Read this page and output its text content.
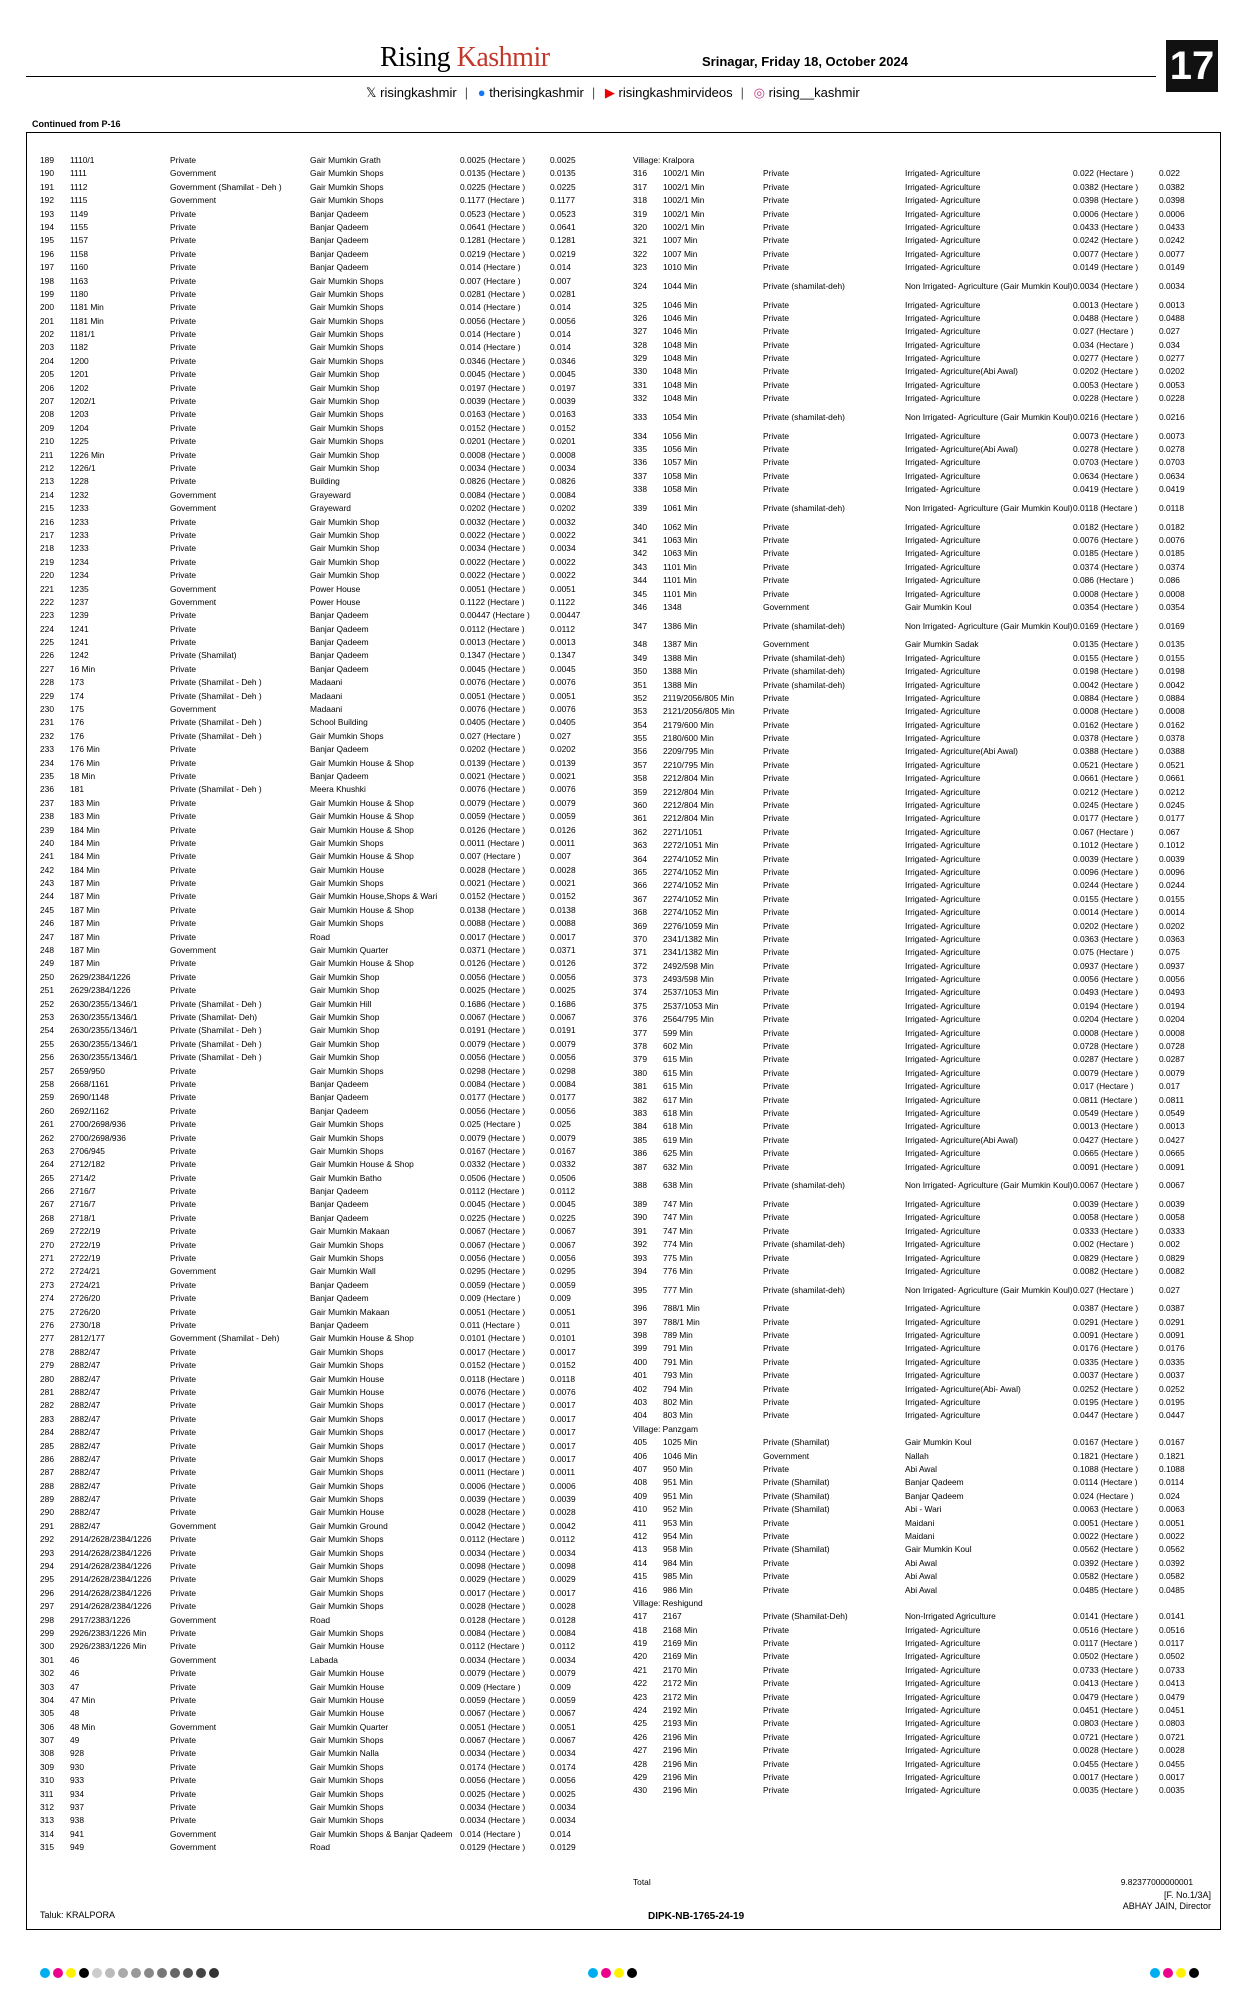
Rising Kashmir	Srinagar, Friday 18, October 2024	17
𝕏 risingkashmir | ● therisingkashmir | ▶ risingkashmirvideos | ◎ rising__kashmir
Continued from P-16
189	1110/1	Private	Gair Mumkin Grath	0.0025 (Hectare )	0.0025
190	1111	Government	Gair Mumkin Shops	0.0135 (Hectare )	0.0135
191	1112	Government (Shamilat - Deh )	Gair Mumkin Shops	0.0225 (Hectare )	0.0225
192	1115	Government	Gair Mumkin Shops	0.1177 (Hectare )	0.1177
193	1149	Private	Banjar Qadeem	0.0523 (Hectare )	0.0523
194	1155	Private	Banjar Qadeem	0.0641 (Hectare )	0.0641
195	1157	Private	Banjar Qadeem	0.1281 (Hectare )	0.1281
196	1158	Private	Banjar Qadeem	0.0219 (Hectare )	0.0219
197	1160	Private	Banjar Qadeem	0.014 (Hectare )	0.014
198	1163	Private	Gair Mumkin Shops	0.007 (Hectare )	0.007
199	1180	Private	Gair Mumkin Shops	0.0281 (Hectare )	0.0281
200	1181 Min	Private	Gair Mumkin Shops	0.014 (Hectare )	0.014
201	1181 Min	Private	Gair Mumkin Shops	0.0056 (Hectare )	0.0056
202	1181/1	Private	Gair Mumkin Shops	0.014 (Hectare )	0.014
203	1182	Private	Gair Mumkin Shops	0.014 (Hectare )	0.014
204	1200	Private	Gair Mumkin Shops	0.0346 (Hectare )	0.0346
205	1201	Private	Gair Mumkin Shop	0.0045 (Hectare )	0.0045
206	1202	Private	Gair Mumkin Shop	0.0197 (Hectare )	0.0197
207	1202/1	Private	Gair Mumkin Shop	0.0039 (Hectare )	0.0039
208	1203	Private	Gair Mumkin Shops	0.0163 (Hectare )	0.0163
209	1204	Private	Gair Mumkin Shops	0.0152 (Hectare )	0.0152
210	1225	Private	Gair Mumkin Shops	0.0201 (Hectare )	0.0201
211	1226 Min	Private	Gair Mumkin Shop	0.0008 (Hectare )	0.0008
212	1226/1	Private	Gair Mumkin Shop	0.0034 (Hectare )	0.0034
213	1228	Private	Building	0.0826 (Hectare )	0.0826
214	1232	Government	Grayeward	0.0084 (Hectare )	0.0084
215	1233	Government	Grayeward	0.0202 (Hectare )	0.0202
216	1233	Private	Gair Mumkin Shop	0.0032 (Hectare )	0.0032
217	1233	Private	Gair Mumkin Shop	0.0022 (Hectare )	0.0022
218	1233	Private	Gair Mumkin Shop	0.0034 (Hectare )	0.0034
219	1234	Private	Gair Mumkin Shop	0.0022 (Hectare )	0.0022
220	1234	Private	Gair Mumkin Shop	0.0022 (Hectare )	0.0022
221	1235	Government	Power House	0.0051 (Hectare )	0.0051
222	1237	Government	Power House	0.1122 (Hectare )	0.1122
223	1239	Private	Banjar Qadeem	0.00447 (Hectare )	0.00447
224	1241	Private	Banjar Qadeem	0.0112 (Hectare )	0.0112
225	1241	Private	Banjar Qadeem	0.0013 (Hectare )	0.0013
226	1242	Private (Shamilat)	Banjar Qadeem	0.1347 (Hectare )	0.1347
227	16 Min	Private	Banjar Qadeem	0.0045 (Hectare )	0.0045
228	173	Private (Shamilat - Deh )	Madaani	0.0076 (Hectare )	0.0076
229	174	Private (Shamilat - Deh )	Madaani	0.0051 (Hectare )	0.0051
230	175	Government	Madaani	0.0076 (Hectare )	0.0076
231	176	Private (Shamilat - Deh )	School Building	0.0405 (Hectare )	0.0405
232	176	Private (Shamilat - Deh )	Gair Mumkin Shops	0.027 (Hectare )	0.027
233	176 Min	Private	Banjar Qadeem	0.0202 (Hectare )	0.0202
234	176 Min	Private	Gair Mumkin House & Shop	0.0139 (Hectare )	0.0139
235	18 Min	Private	Banjar Qadeem	0.0021 (Hectare )	0.0021
236	181	Private (Shamilat - Deh )	Meera Khushki	0.0076 (Hectare )	0.0076
237	183 Min	Private	Gair Mumkin House & Shop	0.0079 (Hectare )	0.0079
238	183 Min	Private	Gair Mumkin House & Shop	0.0059 (Hectare )	0.0059
239	184 Min	Private	Gair Mumkin House & Shop	0.0126 (Hectare )	0.0126
240	184 Min	Private	Gair Mumkin Shops	0.0011 (Hectare )	0.0011
241	184 Min	Private	Gair Mumkin House & Shop	0.007 (Hectare )	0.007
242	184 Min	Private	Gair Mumkin House	0.0028 (Hectare )	0.0028
243	187 Min	Private	Gair Mumkin Shops	0.0021 (Hectare )	0.0021
244	187 Min	Private	Gair Mumkin House,Shops & Wari	0.0152 (Hectare )	0.0152
245	187 Min	Private	Gair Mumkin House & Shop	0.0138 (Hectare )	0.0138
246	187 Min	Private	Gair Mumkin Shops	0.0088 (Hectare )	0.0088
247	187 Min	Private	Road	0.0017 (Hectare )	0.0017
248	187 Min	Government	Gair Mumkin Quarter	0.0371 (Hectare )	0.0371
249	187 Min	Private	Gair Mumkin House & Shop	0.0126 (Hectare )	0.0126
250	2629/2384/1226	Private	Gair Mumkin Shop	0.0056 (Hectare )	0.0056
251	2629/2384/1226	Private	Gair Mumkin Shop	0.0025 (Hectare )	0.0025
252	2630/2355/1346/1	Private (Shamilat - Deh )	Gair Mumkin Hill	0.1686 (Hectare )	0.1686
253	2630/2355/1346/1	Private (Shamilat- Deh)	Gair Mumkin Shop	0.0067 (Hectare )	0.0067
254	2630/2355/1346/1	Private (Shamilat - Deh )	Gair Mumkin Shop	0.0191 (Hectare )	0.0191
255	2630/2355/1346/1	Private (Shamilat - Deh )	Gair Mumkin Shop	0.0079 (Hectare )	0.0079
256	2630/2355/1346/1	Private (Shamilat - Deh )	Gair Mumkin Shop	0.0056 (Hectare )	0.0056
257	2659/950	Private	Gair Mumkin Shops	0.0298 (Hectare )	0.0298
258	2668/1161	Private	Banjar Qadeem	0.0084 (Hectare )	0.0084
259	2690/1148	Private	Banjar Qadeem	0.0177 (Hectare )	0.0177
260	2692/1162	Private	Banjar Qadeem	0.0056 (Hectare )	0.0056
261	2700/2698/936	Private	Gair Mumkin Shops	0.025 (Hectare )	0.025
262	2700/2698/936	Private	Gair Mumkin Shops	0.0079 (Hectare )	0.0079
263	2706/945	Private	Gair Mumkin Shops	0.0167 (Hectare )	0.0167
264	2712/182	Private	Gair Mumkin House & Shop	0.0332 (Hectare )	0.0332
265	2714/2	Private	Gair Mumkin Batho	0.0506 (Hectare )	0.0506
266	2716/7	Private	Banjar Qadeem	0.0112 (Hectare )	0.0112
267	2716/7	Private	Banjar Qadeem	0.0045 (Hectare )	0.0045
268	2718/1	Private	Banjar Qadeem	0.0225 (Hectare )	0.0225
269	2722/19	Private	Gair Mumkin Makaan	0.0067 (Hectare )	0.0067
270	2722/19	Private	Gair Mumkin Shops	0.0067 (Hectare )	0.0067
271	2722/19	Private	Gair Mumkin Shops	0.0056 (Hectare )	0.0056
272	2724/21	Government	Gair Mumkin Wall	0.0295 (Hectare )	0.0295
273	2724/21	Private	Banjar Qadeem	0.0059 (Hectare )	0.0059
274	2726/20	Private	Banjar Qadeem	0.009 (Hectare )	0.009
275	2726/20	Private	Gair Mumkin Makaan	0.0051 (Hectare )	0.0051
276	2730/18	Private	Banjar Qadeem	0.011 (Hectare )	0.011
277	2812/177	Government (Shamilat - Deh)	Gair Mumkin House & Shop	0.0101 (Hectare )	0.0101
278	2882/47	Private	Gair Mumkin Shops	0.0017 (Hectare )	0.0017
279	2882/47	Private	Gair Mumkin Shops	0.0152 (Hectare )	0.0152
280	2882/47	Private	Gair Mumkin House	0.0118 (Hectare )	0.0118
281	2882/47	Private	Gair Mumkin House	0.0076 (Hectare )	0.0076
282	2882/47	Private	Gair Mumkin Shops	0.0017 (Hectare )	0.0017
283	2882/47	Private	Gair Mumkin Shops	0.0017 (Hectare )	0.0017
284	2882/47	Private	Gair Mumkin Shops	0.0017 (Hectare )	0.0017
285	2882/47	Private	Gair Mumkin Shops	0.0017 (Hectare )	0.0017
286	2882/47	Private	Gair Mumkin Shops	0.0017 (Hectare )	0.0017
287	2882/47	Private	Gair Mumkin Shops	0.0011 (Hectare )	0.0011
288	2882/47	Private	Gair Mumkin Shops	0.0006 (Hectare )	0.0006
289	2882/47	Private	Gair Mumkin Shops	0.0039 (Hectare )	0.0039
290	2882/47	Private	Gair Mumkin House	0.0028 (Hectare )	0.0028
291	2882/47	Government	Gair Mumkin Ground	0.0042 (Hectare )	0.0042
292	2914/2628/2384/1226	Private	Gair Mumkin Shops	0.0112 (Hectare )	0.0112
293	2914/2628/2384/1226	Private	Gair Mumkin Shops	0.0034 (Hectare )	0.0034
294	2914/2628/2384/1226	Private	Gair Mumkin Shops	0.0098 (Hectare )	0.0098
295	2914/2628/2384/1226	Private	Gair Mumkin Shops	0.0029 (Hectare )	0.0029
296	2914/2628/2384/1226	Private	Gair Mumkin Shops	0.0017 (Hectare )	0.0017
297	2914/2628/2384/1226	Private	Gair Mumkin Shops	0.0028 (Hectare )	0.0028
298	2917/2383/1226	Government	Road	0.0128 (Hectare )	0.0128
299	2926/2383/1226 Min	Private	Gair Mumkin Shops	0.0084 (Hectare )	0.0084
300	2926/2383/1226 Min	Private	Gair Mumkin House	0.0112 (Hectare )	0.0112
301	46	Government	Labada	0.0034 (Hectare )	0.0034
302	46	Private	Gair Mumkin House	0.0079 (Hectare )	0.0079
303	47	Private	Gair Mumkin House	0.009 (Hectare )	0.009
304	47 Min	Private	Gair Mumkin House	0.0059 (Hectare )	0.0059
305	48	Private	Gair Mumkin House	0.0067 (Hectare )	0.0067
306	48 Min	Government	Gair Mumkin Quarter	0.0051 (Hectare )	0.0051
307	49	Private	Gair Mumkin Shops	0.0067 (Hectare )	0.0067
308	928	Private	Gair Mumkin Nalla	0.0034 (Hectare )	0.0034
309	930	Private	Gair Mumkin Shops	0.0174 (Hectare )	0.0174
310	933	Private	Gair Mumkin Shops	0.0056 (Hectare )	0.0056
311	934	Private	Gair Mumkin Shops	0.0025 (Hectare )	0.0025
312	937	Private	Gair Mumkin Shops	0.0034 (Hectare )	0.0034
313	938	Private	Gair Mumkin Shops	0.0034 (Hectare )	0.0034
314	941	Government	Gair Mumkin Shops & Banjar Qadeem 0.014 (Hectare )	0.014
315	949	Government	Road	0.0129 (Hectare )	0.0129
Village: Kralpora
316	1002/1 Min	Private	Irrigated- Agriculture	0.022 (Hectare )	0.022
317	1002/1 Min	Private	Irrigated- Agriculture	0.0382 (Hectare )	0.0382
318	1002/1 Min	Private	Irrigated- Agriculture	0.0398 (Hectare )	0.0398
319	1002/1 Min	Private	Irrigated- Agriculture	0.0006 (Hectare )	0.0006
320	1002/1 Min	Private	Irrigated- Agriculture	0.0433 (Hectare )	0.0433
321	1007 Min	Private	Irrigated- Agriculture	0.0242 (Hectare )	0.0242
322	1007 Min	Private	Irrigated- Agriculture	0.0077 (Hectare )	0.0077
323	1010 Min	Private	Irrigated- Agriculture	0.0149 (Hectare )	0.0149
324	1044 Min	Private (shamilat-deh)	Non Irrigated- Agriculture (Gair Mumkin Koul) 0.0034 (Hectare )	0.0034
325	1046 Min	Private	Irrigated- Agriculture	0.0013 (Hectare )	0.0013
326	1046 Min	Private	Irrigated- Agriculture	0.0488 (Hectare )	0.0488
327	1046 Min	Private	Irrigated- Agriculture	0.027 (Hectare )	0.027
328	1048 Min	Private	Irrigated- Agriculture	0.034 (Hectare )	0.034
329	1048 Min	Private	Irrigated- Agriculture	0.0277 (Hectare )	0.0277
330	1048 Min	Private	Irrigated- Agriculture(Abi Awal)	0.0202 (Hectare )	0.0202
331	1048 Min	Private	Irrigated- Agriculture	0.0053 (Hectare )	0.0053
332	1048 Min	Private	Irrigated- Agriculture	0.0228 (Hectare )	0.0228
333	1054 Min	Private (shamilat-deh)	Non Irrigated- Agriculture (Gair Mumkin Koul) 0.0216 (Hectare )	0.0216
334	1056 Min	Private	Irrigated- Agriculture	0.0073 (Hectare )	0.0073
335	1056 Min	Private	Irrigated- Agriculture(Abi Awal)	0.0278 (Hectare )	0.0278
336	1057 Min	Private	Irrigated- Agriculture	0.0703 (Hectare )	0.0703
337	1058 Min	Private	Irrigated- Agriculture	0.0634 (Hectare )	0.0634
338	1058 Min	Private	Irrigated- Agriculture	0.0419 (Hectare )	0.0419
339	1061 Min	Private (shamilat-deh)	Non Irrigated- Agriculture (Gair Mumkin Koul) 0.0118 (Hectare )	0.0118
340	1062 Min	Private	Irrigated- Agriculture	0.0182 (Hectare )	0.0182
341	1063 Min	Private	Irrigated- Agriculture	0.0076 (Hectare )	0.0076
342	1063 Min	Private	Irrigated- Agriculture	0.0185 (Hectare )	0.0185
343	1101 Min	Private	Irrigated- Agriculture	0.0374 (Hectare )	0.0374
344	1101 Min	Private	Irrigated- Agriculture	0.086 (Hectare )	0.086
345	1101 Min	Private	Irrigated- Agriculture	0.0008 (Hectare )	0.0008
346	1348	Government	Gair Mumkin Koul	0.0354 (Hectare )	0.0354
347	1386 Min	Private (shamilat-deh)	Non Irrigated- Agriculture (Gair Mumkin Koul) 0.0169 (Hectare )	0.0169
348	1387 Min	Government	Gair Mumkin Sadak	0.0135 (Hectare )	0.0135
349	1388 Min	Private (shamilat-deh)	Irrigated- Agriculture	0.0155 (Hectare )	0.0155
350	1388 Min	Private (shamilat-deh)	Irrigated- Agriculture	0.0198 (Hectare )	0.0198
351	1388 Min	Private (shamilat-deh)	Irrigated- Agriculture	0.0042 (Hectare )	0.0042
352	2119/2056/805 Min	Private	Irrigated- Agriculture	0.0884 (Hectare )	0.0884
353	2121/2056/805 Min	Private	Irrigated- Agriculture	0.0008 (Hectare )	0.0008
354	2179/600 Min	Private	Irrigated- Agriculture	0.0162 (Hectare )	0.0162
355	2180/600 Min	Private	Irrigated- Agriculture	0.0378 (Hectare )	0.0378
356	2209/795 Min	Private	Irrigated- Agriculture(Abi Awal)	0.0388 (Hectare )	0.0388
357	2210/795 Min	Private	Irrigated- Agriculture	0.0521 (Hectare )	0.0521
358	2212/804 Min	Private	Irrigated- Agriculture	0.0661 (Hectare )	0.0661
359	2212/804 Min	Private	Irrigated- Agriculture	0.0212 (Hectare )	0.0212
360	2212/804 Min	Private	Irrigated- Agriculture	0.0245 (Hectare )	0.0245
361	2212/804 Min	Private	Irrigated- Agriculture	0.0177 (Hectare )	0.0177
362	2271/1051	Private	Irrigated- Agriculture	0.067 (Hectare )	0.067
363	2272/1051 Min	Private	Irrigated- Agriculture	0.1012 (Hectare )	0.1012
364	2274/1052 Min	Private	Irrigated- Agriculture	0.0039 (Hectare )	0.0039
365	2274/1052 Min	Private	Irrigated- Agriculture	0.0096 (Hectare )	0.0096
366	2274/1052 Min	Private	Irrigated- Agriculture	0.0244 (Hectare )	0.0244
367	2274/1052 Min	Private	Irrigated- Agriculture	0.0155 (Hectare )	0.0155
368	2274/1052 Min	Private	Irrigated- Agriculture	0.0014 (Hectare )	0.0014
369	2276/1059 Min	Private	Irrigated- Agriculture	0.0202 (Hectare )	0.0202
370	2341/1382 Min	Private	Irrigated- Agriculture	0.0363 (Hectare )	0.0363
371	2341/1382 Min	Private	Irrigated- Agriculture	0.075 (Hectare )	0.075
372	2492/598 Min	Private	Irrigated- Agriculture	0.0937 (Hectare )	0.0937
373	2493/598 Min	Private	Irrigated- Agriculture	0.0056 (Hectare )	0.0056
374	2537/1053 Min	Private	Irrigated- Agriculture	0.0493 (Hectare )	0.0493
375	2537/1053 Min	Private	Irrigated- Agriculture	0.0194 (Hectare )	0.0194
376	2564/795 Min	Private	Irrigated- Agriculture	0.0204 (Hectare )	0.0204
377	599 Min	Private	Irrigated- Agriculture	0.0008 (Hectare )	0.0008
378	602 Min	Private	Irrigated- Agriculture	0.0728 (Hectare )	0.0728
379	615 Min	Private	Irrigated- Agriculture	0.0287 (Hectare )	0.0287
380	615 Min	Private	Irrigated- Agriculture	0.0079 (Hectare )	0.0079
381	615 Min	Private	Irrigated- Agriculture	0.017 (Hectare )	0.017
382	617 Min	Private	Irrigated- Agriculture	0.0811 (Hectare )	0.0811
383	618 Min	Private	Irrigated- Agriculture	0.0549 (Hectare )	0.0549
384	618 Min	Private	Irrigated- Agriculture	0.0013 (Hectare )	0.0013
385	619 Min	Private	Irrigated- Agriculture(Abi Awal)	0.0427 (Hectare )	0.0427
386	625 Min	Private	Irrigated- Agriculture	0.0665 (Hectare )	0.0665
387	632 Min	Private	Irrigated- Agriculture	0.0091 (Hectare )	0.0091
388	638 Min	Private (shamilat-deh)	Non Irrigated- Agriculture (Gair Mumkin Koul) 0.0067 (Hectare )	0.0067
389	747 Min	Private	Irrigated- Agriculture	0.0039 (Hectare )	0.0039
390	747 Min	Private	Irrigated- Agriculture	0.0058 (Hectare )	0.0058
391	747 Min	Private	Irrigated- Agriculture	0.0333 (Hectare )	0.0333
392	774 Min	Private (shamilat-deh)	Irrigated- Agriculture	0.002 (Hectare )	0.002
393	775 Min	Private	Irrigated- Agriculture	0.0829 (Hectare )	0.0829
394	776 Min	Private	Irrigated- Agriculture	0.0082 (Hectare )	0.0082
395	777 Min	Private (shamilat-deh)	Non Irrigated- Agriculture (Gair Mumkin Koul) 0.027 (Hectare )	0.027
396	788/1 Min	Private	Irrigated- Agriculture	0.0387 (Hectare )	0.0387
397	788/1 Min	Private	Irrigated- Agriculture	0.0291 (Hectare )	0.0291
398	789 Min	Private	Irrigated- Agriculture	0.0091 (Hectare )	0.0091
399	791 Min	Private	Irrigated- Agriculture	0.0176 (Hectare )	0.0176
400	791 Min	Private	Irrigated- Agriculture	0.0335 (Hectare )	0.0335
401	793 Min	Private	Irrigated- Agriculture	0.0037 (Hectare )	0.0037
402	794 Min	Private	Irrigated- Agriculture(Abi- Awal)	0.0252 (Hectare )	0.0252
403	802 Min	Private	Irrigated- Agriculture	0.0195 (Hectare )	0.0195
404	803 Min	Private	Irrigated- Agriculture	0.0447 (Hectare )	0.0447
Village: Panzgam
405	1025 Min	Private (Shamilat)	Gair Mumkin Koul	0.0167 (Hectare )	0.0167
406	1046 Min	Government	Nallah	0.1821 (Hectare )	0.1821
407	950 Min	Private	Abi Awal	0.1088 (Hectare )	0.1088
408	951 Min	Private (Shamilat)	Banjar Qadeem	0.0114 (Hectare )	0.0114
409	951 Min	Private (Shamilat)	Banjar Qadeem	0.024 (Hectare )	0.024
410	952 Min	Private (Shamilat)	Abi - Wari	0.0063 (Hectare )	0.0063
411	953 Min	Private	Maidani	0.0051 (Hectare )	0.0051
412	954 Min	Private	Maidani	0.0022 (Hectare )	0.0022
413	958 Min	Private (Shamilat)	Gair Mumkin Koul	0.0562 (Hectare )	0.0562
414	984 Min	Private	Abi Awal	0.0392 (Hectare )	0.0392
415	985 Min	Private	Abi Awal	0.0582 (Hectare )	0.0582
416	986 Min	Private	Abi Awal	0.0485 (Hectare )	0.0485
Village: Reshigund
417	2167	Private (Shamilat-Deh)	Non-Irrigated Agriculture	0.0141 (Hectare )	0.0141
418	2168 Min	Private	Irrigated- Agriculture	0.0516 (Hectare )	0.0516
419	2169 Min	Private	Irrigated- Agriculture	0.0117 (Hectare )	0.0117
420	2169 Min	Private	Irrigated- Agriculture	0.0502 (Hectare )	0.0502
421	2170 Min	Private	Irrigated- Agriculture	0.0733 (Hectare )	0.0733
422	2172 Min	Private	Irrigated- Agriculture	0.0413 (Hectare )	0.0413
423	2172 Min	Private	Irrigated- Agriculture	0.0479 (Hectare )	0.0479
424	2192 Min	Private	Irrigated- Agriculture	0.0451 (Hectare )	0.0451
425	2193 Min	Private	Irrigated- Agriculture	0.0803 (Hectare )	0.0803
426	2196 Min	Private	Irrigated- Agriculture	0.0721 (Hectare )	0.0721
427	2196 Min	Private	Irrigated- Agriculture	0.0028 (Hectare )	0.0028
428	2196 Min	Private	Irrigated- Agriculture	0.0455 (Hectare )	0.0455
429	2196 Min	Private	Irrigated- Agriculture	0.0017 (Hectare )	0.0017
430	2196 Min	Private	Irrigated- Agriculture	0.0035 (Hectare )	0.0035
Total	9.82377000000001
Taluk: KRALPORA	DIPK-NB-1765-24-19
[F. No.1/3A]
ABHAY JAIN, Director
